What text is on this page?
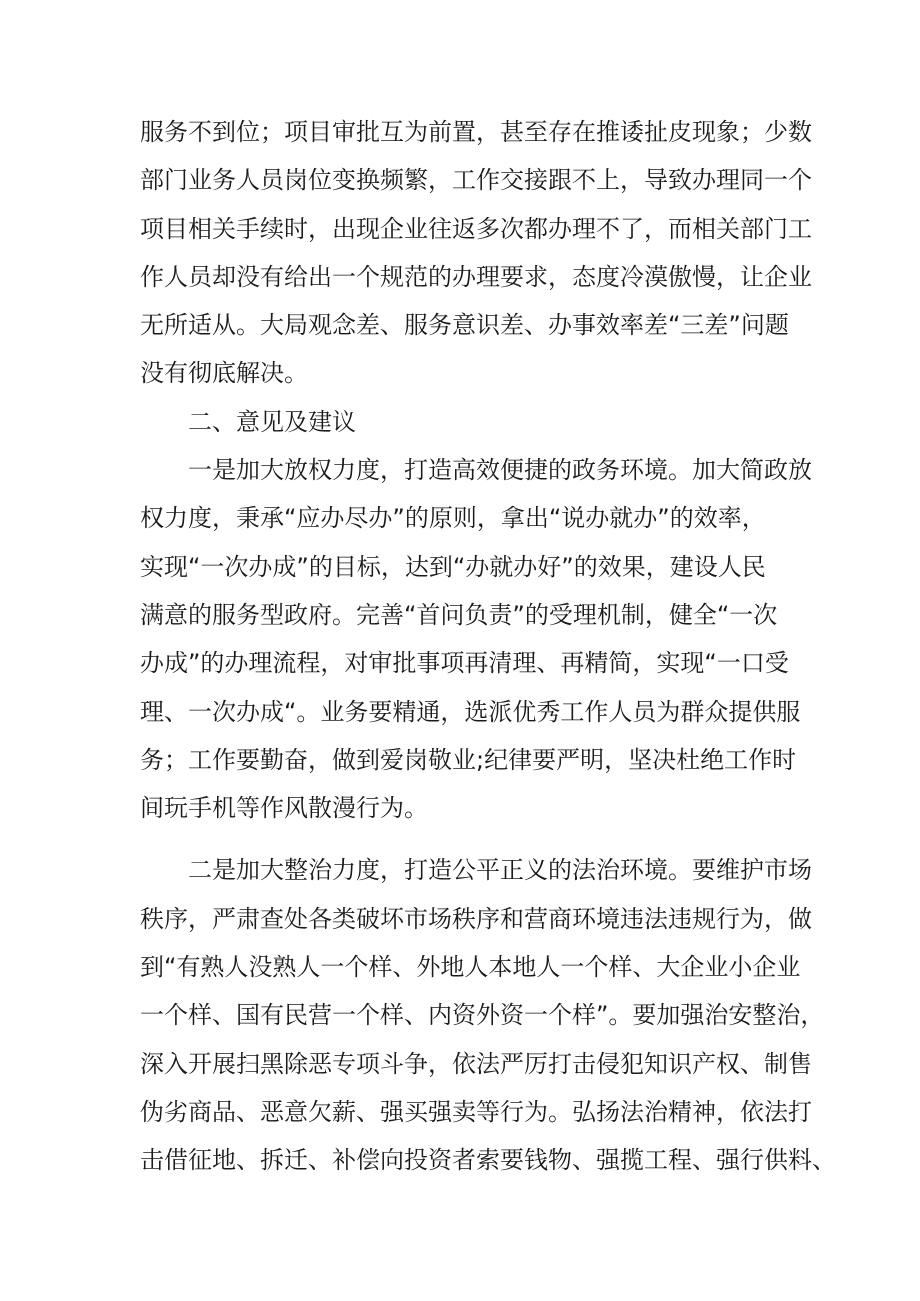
服务不到位；项目审批互为前置，甚至存在推诿扯皮现象；少数
部门业务人员岗位变换频繁，工作交接跟不上，导致办理同一个
项目相关手续时，出现企业往返多次都办理不了，而相关部门工
作人员却没有给出一个规范的办理要求，态度冷漠傲慢，让企业
无所适从。大局观念差、服务意识差、办事效率差“三差”问题
没有彻底解决。
二、意见及建议
一是加大放权力度，打造高效便捷的政务环境。加大简政放
权力度，秉承“应办尽办”的原则，拿出“说办就办”的效率，
实现“一次办成”的目标，达到“办就办好”的效果，建设人民
满意的服务型政府。完善“首问负责”的受理机制，健全“一次
办成”的办理流程，对审批事项再清理、再精简，实现“一口受
理、一次办成“。业务要精通，选派优秀工作人员为群众提供服
务；工作要勤奋，做到爱岗敬业;纪律要严明，坚决杜绝工作时
间玩手机等作风散漫行为。
二是加大整治力度，打造公平正义的法治环境。要维护市场
秩序，严肃查处各类破坏市场秩序和营商环境违法违规行为，做
到“有熟人没熟人一个样、外地人本地人一个样、大企业小企业
一个样、国有民营一个样、内资外资一个样”。要加强治安整治，
深入开展扫黑除恶专项斗争，依法严厉打击侵犯知识产权、制售
伪劣商品、恶意欠薪、强买强卖等行为。弘扬法治精神，依法打
击借征地、拆迁、补偿向投资者索要钱物、强揽工程、强行供料、
